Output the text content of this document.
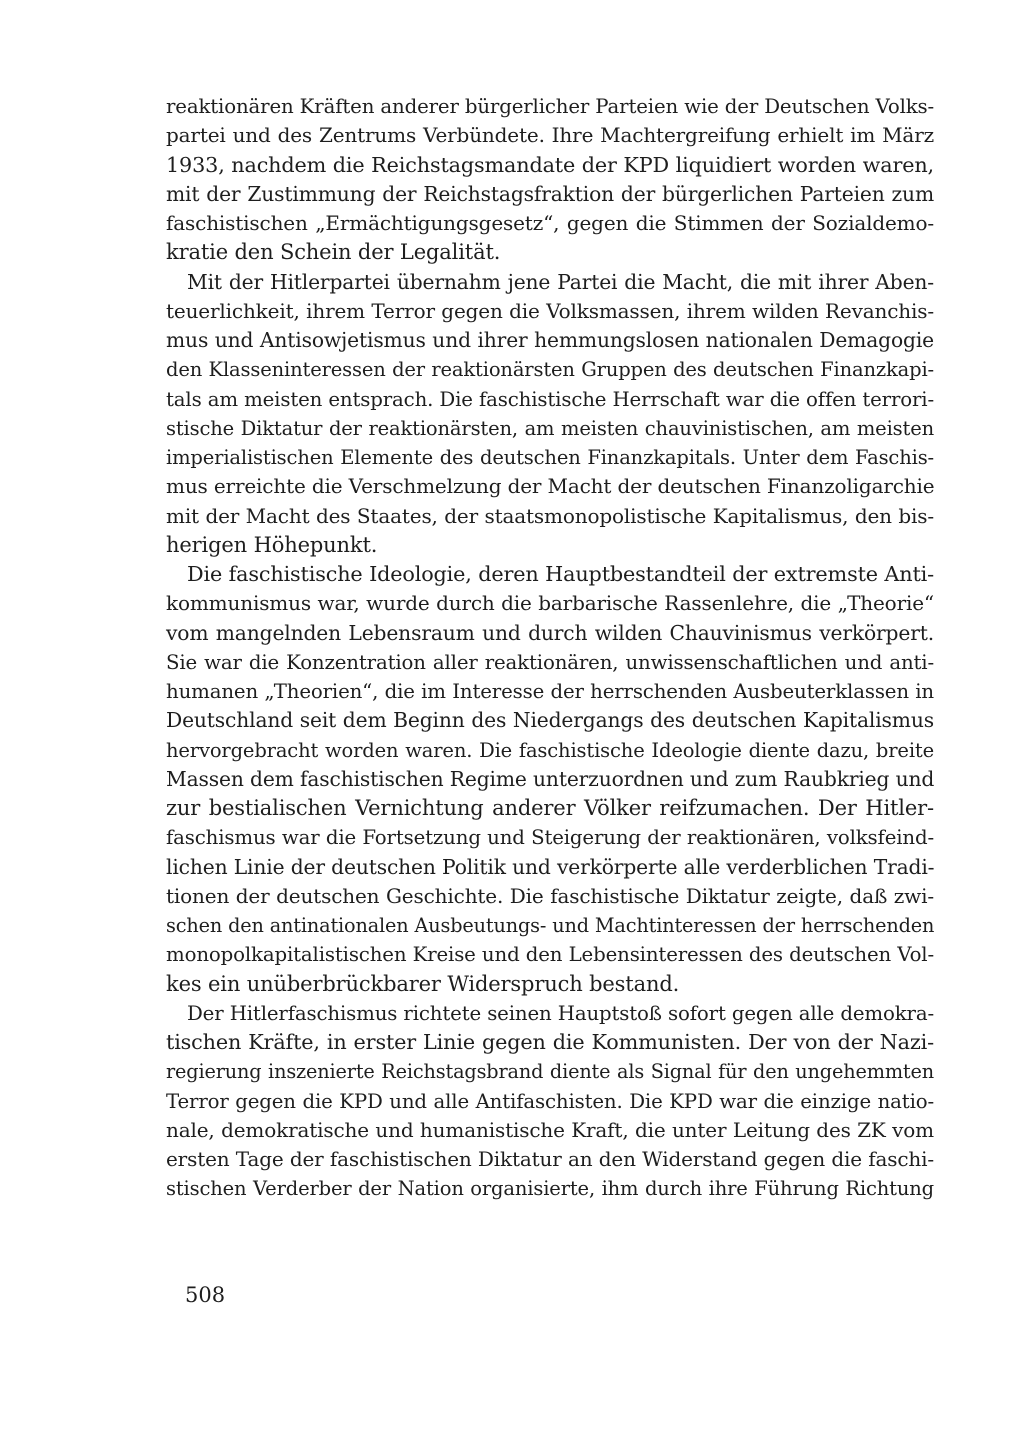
reaktionären Kräften anderer bürgerlicher Parteien wie der Deutschen Volks-
partei und des Zentrums Verbündete. Ihre Machtergreifung erhielt im März
1933, nachdem die Reichstagsmandate der KPD liquidiert worden waren,
mit der Zustimmung der Reichstagsfraktion der bürgerlichen Parteien zum
faschistischen „Ermächtigungsgesetz“, gegen die Stimmen der Sozialdemo-
kratie den Schein der Legalität.
Mit der Hitlerpartei übernahm jene Partei die Macht, die mit ihrer Aben-
teuerlichkeit, ihrem Terror gegen die Volksmassen, ihrem wilden Revanchis-
mus und Antisowjetismus und ihrer hemmungslosen nationalen Demagogie
den Klasseninteressen der reaktionärsten Gruppen des deutschen Finanzkapi-
tals am meisten entsprach. Die faschistische Herrschaft war die offen terrori-
stische Diktatur der reaktionärsten, am meisten chauvinistischen, am meisten
imperialistischen Elemente des deutschen Finanzkapitals. Unter dem Faschis-
mus erreichte die Verschmelzung der Macht der deutschen Finanzoligarchie
mit der Macht des Staates, der staatsmonopolistische Kapitalismus, den bis-
herigen Höhepunkt.
Die faschistische Ideologie, deren Hauptbestandteil der extremste Anti-
kommunismus war, wurde durch die barbarische Rassenlehre, die „Theorie“
vom mangelnden Lebensraum und durch wilden Chauvinismus verkörpert.
Sie war die Konzentration aller reaktionären, unwissenschaftlichen und anti-
humanen „Theorien“, die im Interesse der herrschenden Ausbeuterklassen in
Deutschland seit dem Beginn des Niedergangs des deutschen Kapitalismus
hervorgebracht worden waren. Die faschistische Ideologie diente dazu, breite
Massen dem faschistischen Regime unterzuordnen und zum Raubkrieg und
zur bestialischen Vernichtung anderer Völker reifzumachen. Der Hitler-
faschismus war die Fortsetzung und Steigerung der reaktionären, volksfeind-
lichen Linie der deutschen Politik und verkörperte alle verderblichen Tradi-
tionen der deutschen Geschichte. Die faschistische Diktatur zeigte, daß zwi-
schen den antinationalen Ausbeutungs- und Machtinteressen der herrschenden
monopolkapitalistischen Kreise und den Lebensinteressen des deutschen Vol-
kes ein unüberbrückbarer Widerspruch bestand.
Der Hitlerfaschismus richtete seinen Hauptstoß sofort gegen alle demokra-
tischen Kräfte, in erster Linie gegen die Kommunisten. Der von der Nazi-
regierung inszenierte Reichstagsbrand diente als Signal für den ungehemmten
Terror gegen die KPD und alle Antifaschisten. Die KPD war die einzige natio-
nale, demokratische und humanistische Kraft, die unter Leitung des ZK vom
ersten Tage der faschistischen Diktatur an den Widerstand gegen die faschi-
stischen Verderber der Nation organisierte, ihm durch ihre Führung Richtung
508
